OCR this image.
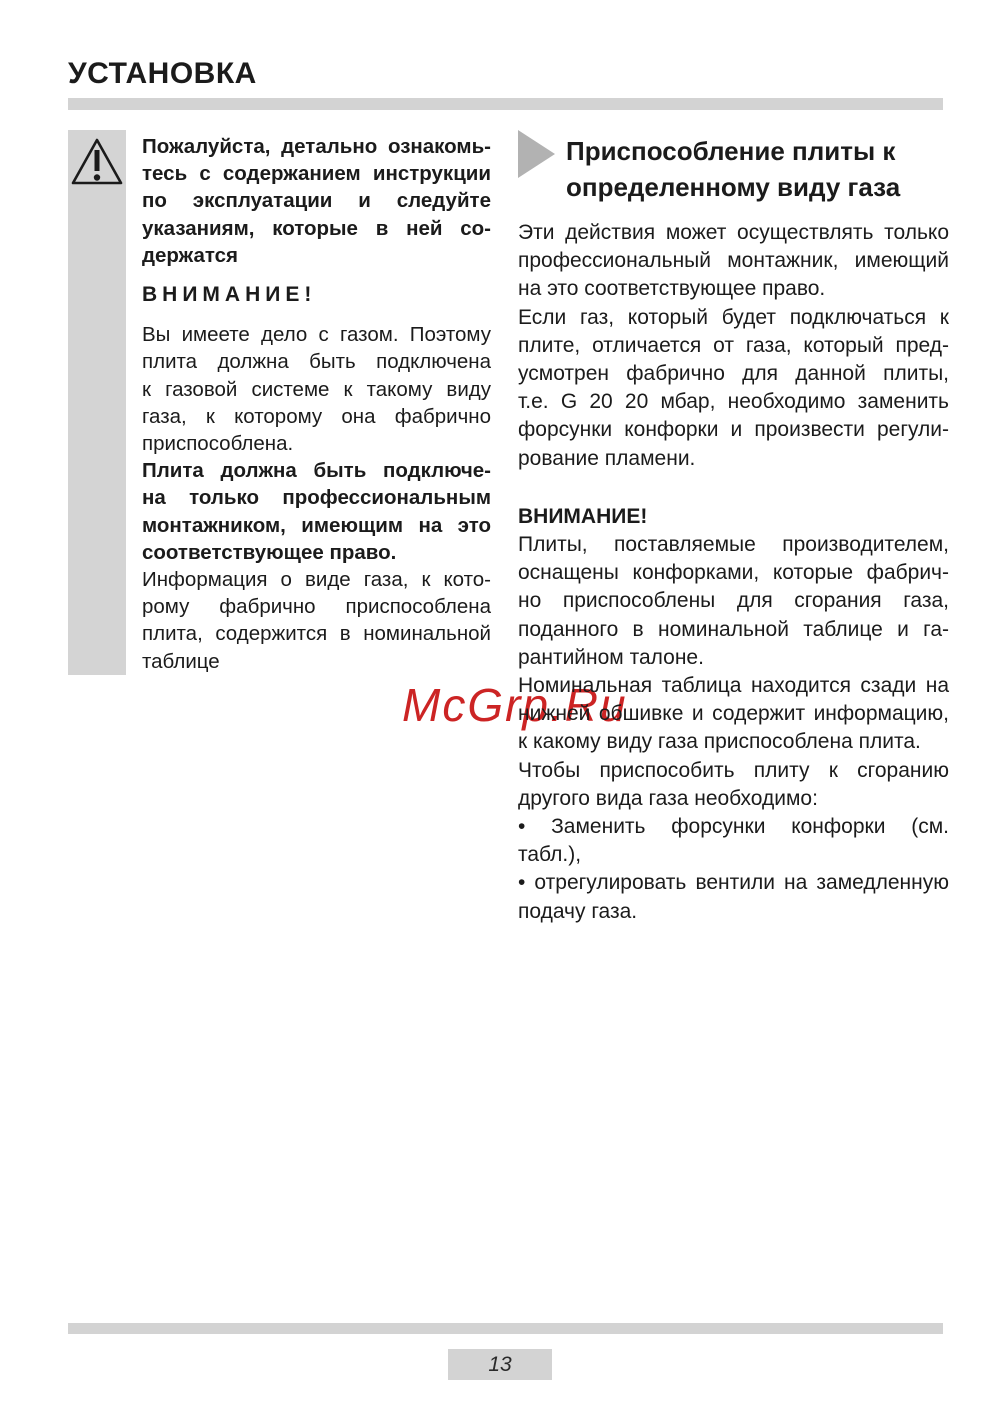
УСТАНОВКА
McGrp.Ru
Пожалуйста, детально ознакомь-
тесь с содержанием инструкции
по эксплуатации и следуйте
указаниям, которые в ней со-
держатся
ВНИМАНИЕ!
Вы имеете дело с газом. Поэтому
плита должна быть подключена
к газовой системе к такому виду
газа, к которому она фабрично
приспособлена.
Плита должна быть подключе-
на только профессиональным
монтажником, имеющим на это
соответствующее право.
Информация о виде газа, к кото-
рому фабрично приспособлена
плита, содержится в номинальной
таблице
Приспособление плиты к
определенному виду газа
Эти действия может осуществлять только
профессиональный монтажник, имеющий
на это соответствующее право.
Если газ, который будет подключаться к
плите, отличается от газа, который пред-
усмотрен фабрично для данной плиты,
т.е. G 20 20 мбар, необходимо заменить
форсунки конфорки и произвести регули-
рование пламени.
ВНИМАНИЕ!
Плиты, поставляемые производителем,
оснащены конфорками, которые фабрич-
но приспособлены для сгорания газа,
поданного в номинальной таблице и га-
рантийном талоне.
Номинальная таблица находится сзади на
нижней обшивке и содержит информацию,
к какому виду газа приспособлена плита.
Чтобы приспособить плиту к сгоранию
другого вида газа необходимо:
• Заменить форсунки конфорки (см.
табл.),
• отрегулировать вентили на замедленную
подачу газа.
13
